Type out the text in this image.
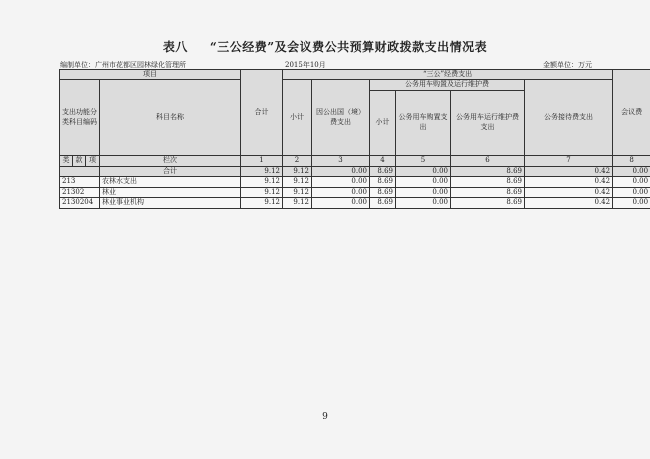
表八 “三公经费”及会议费公共预算财政拨款支出情况表
编制单位：广州市花都区园林绿化管理所	2015年10月	金额单位：万元
项目				合计	“三公”经费支出						会议费
支出功能分类科目编码			科目名称		小计	因公出国（境）费支出	公务用车购置及运行维护费			公务接待费支出	
							小计	公务用车购置支出	公务用车运行维护费支出		

类	款	项	栏次	1	2	3	4	5	6	7	8
			合计	9.12	9.12	0.00	8.69	0.00	8.69	0.42	0.00
213			农林水支出	9.12	9.12	0.00	8.69	0.00	8.69	0.42	0.00
21302			林业	9.12	9.12	0.00	8.69	0.00	8.69	0.42	0.00
2130204			林业事业机构	9.12	9.12	0.00	8.69	0.00	8.69	0.42	0.00
9
